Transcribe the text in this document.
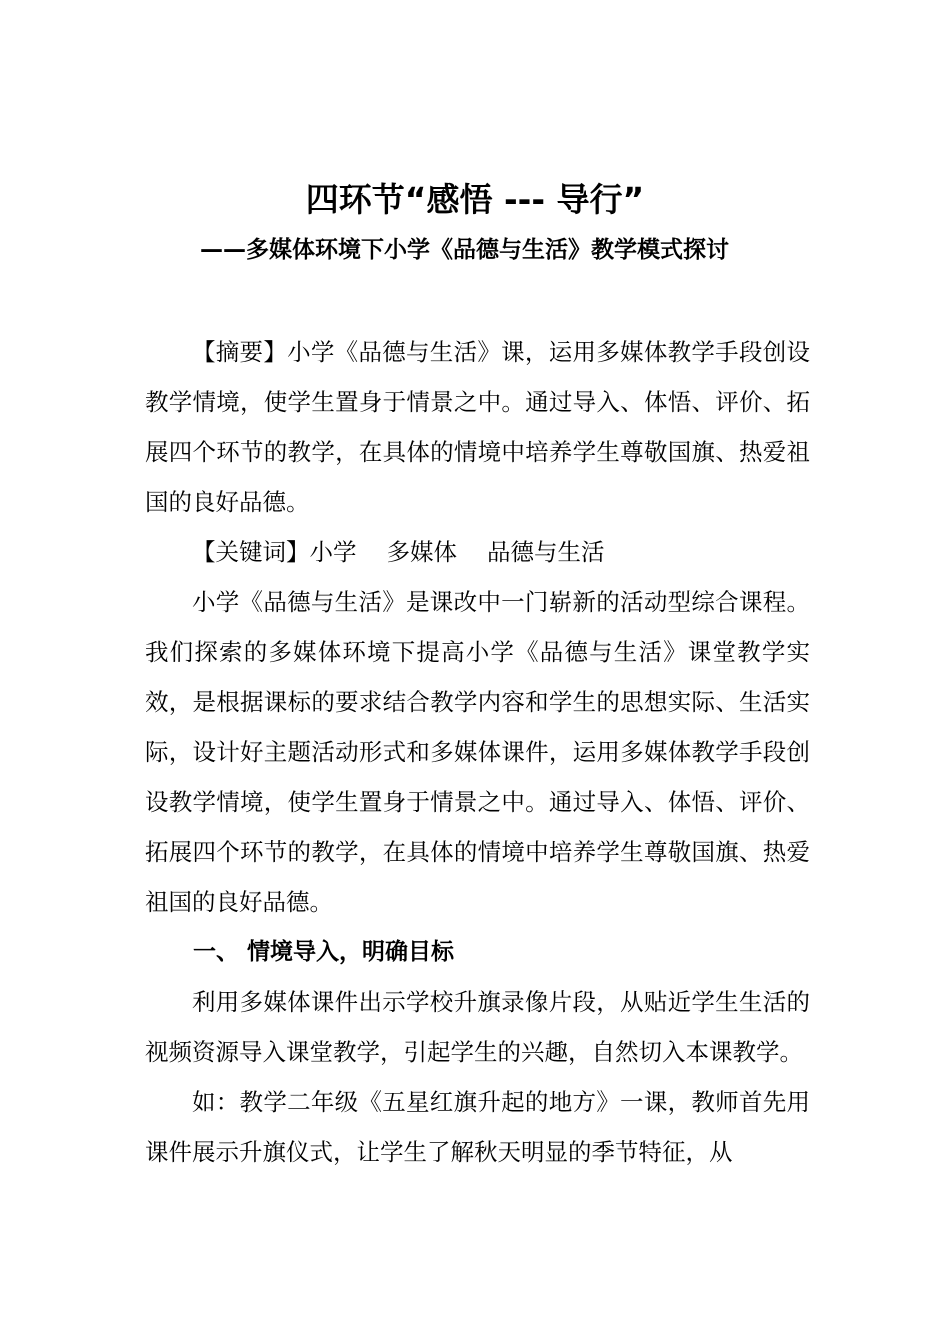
四环节“感悟 --- 导行”
——多媒体环境下小学《品德与生活》教学模式探讨

【摘要】小学《品德与生活》课，运用多媒体教学手段创设教学情境，使学生置身于情景之中。通过导入、体悟、评价、拓展四个环节的教学，在具体的情境中培养学生尊敬国旗、热爱祖国的良好品德。

【关键词】小学 多媒体 品德与生活

小学《品德与生活》是课改中一门崭新的活动型综合课程。我们探索的多媒体环境下提高小学《品德与生活》课堂教学实效，是根据课标的要求结合教学内容和学生的思想实际、生活实际，设计好主题活动形式和多媒体课件，运用多媒体教学手段创设教学情境，使学生置身于情景之中。通过导入、体悟、评价、拓展四个环节的教学，在具体的情境中培养学生尊敬国旗、热爱祖国的良好品德。

一、 情境导入，明确目标

利用多媒体课件出示学校升旗录像片段，从贴近学生生活的视频资源导入课堂教学，引起学生的兴趣，自然切入本课教学。

如：教学二年级《五星红旗升起的地方》一课，教师首先用课件展示升旗仪式，让学生了解秋天明显的季节特征，从
